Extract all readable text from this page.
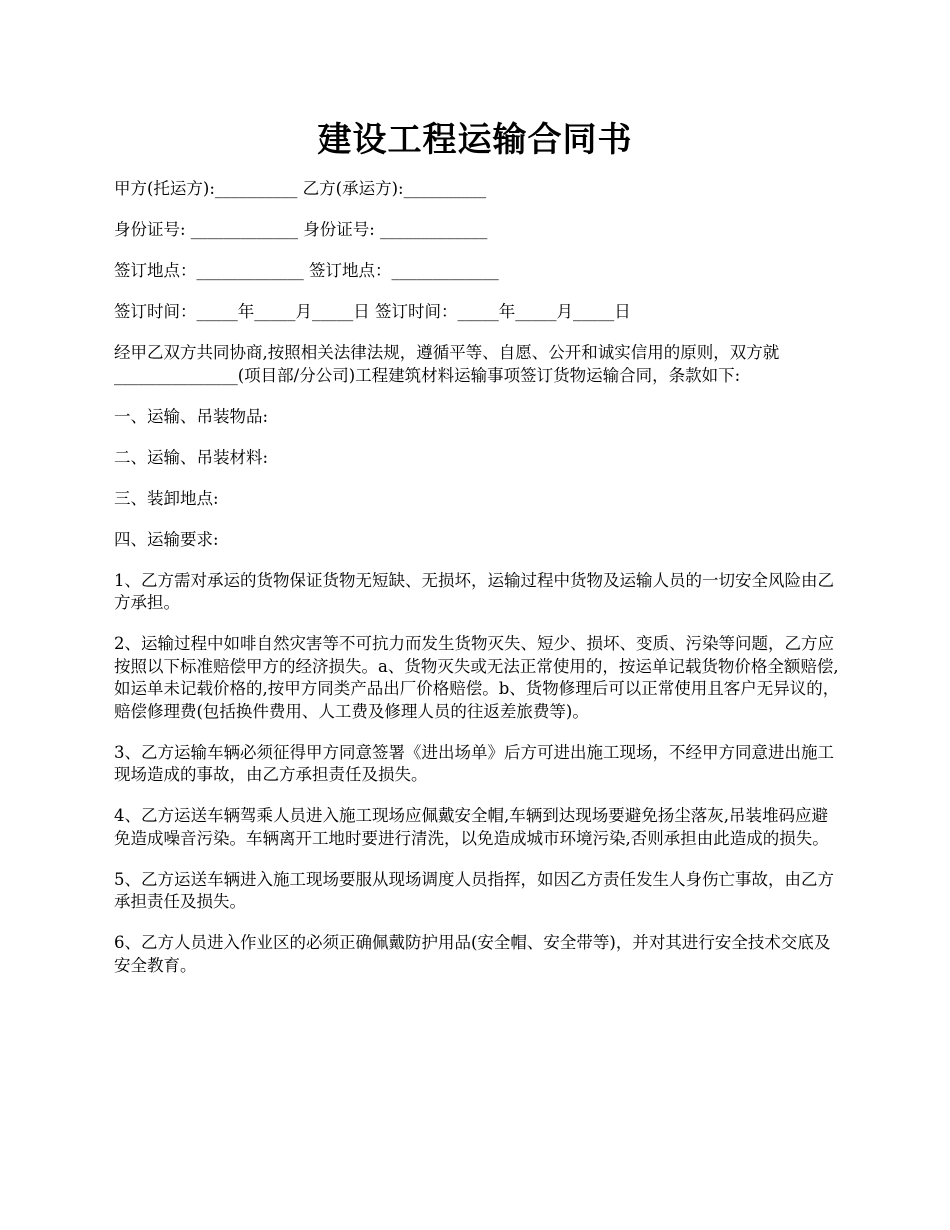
建设工程运输合同书

甲方(托运方):__________ 乙方(承运方):__________

身份证号: _____________ 身份证号: _____________

签订地点：_____________ 签订地点：_____________

签订时间：_____年_____月_____日 签订时间：_____年_____月_____日

经甲乙双方共同协商,按照相关法律法规，遵循平等、自愿、公开和诚实信用的原则，双方就_______________(项目部/分公司)工程建筑材料运输事项签订货物运输合同，条款如下:

一、运输、吊装物品:

二、运输、吊装材料:

三、装卸地点:

四、运输要求:

1、乙方需对承运的货物保证货物无短缺、无损坏，运输过程中货物及运输人员的一切安全风险由乙方承担。

2、运输过程中如啡自然灾害等不可抗力而发生货物灭失、短少、损坏、变质、污染等问题，乙方应按照以下标准赔偿甲方的经济损失。a、货物灭失或无法正常使用的，按运单记载货物价格全额赔偿,如运单未记载价格的,按甲方同类产品出厂价格赔偿。b、货物修理后可以正常使用且客户无异议的，赔偿修理费(包括换件费用、人工费及修理人员的往返差旅费等)。

3、乙方运输车辆必须征得甲方同意签署《进出场单》后方可进出施工现场，不经甲方同意进出施工现场造成的事故，由乙方承担责任及损失。

4、乙方运送车辆驾乘人员进入施工现场应佩戴安全帽,车辆到达现场要避免扬尘落灰,吊装堆码应避免造成噪音污染。车辆离开工地时要进行清洗，以免造成城市环境污染,否则承担由此造成的损失。

5、乙方运送车辆进入施工现场要服从现场调度人员指挥，如因乙方责任发生人身伤亡事故，由乙方承担责任及损失。

6、乙方人员进入作业区的必须正确佩戴防护用品(安全帽、安全带等)，并对其进行安全技术交底及安全教育。
